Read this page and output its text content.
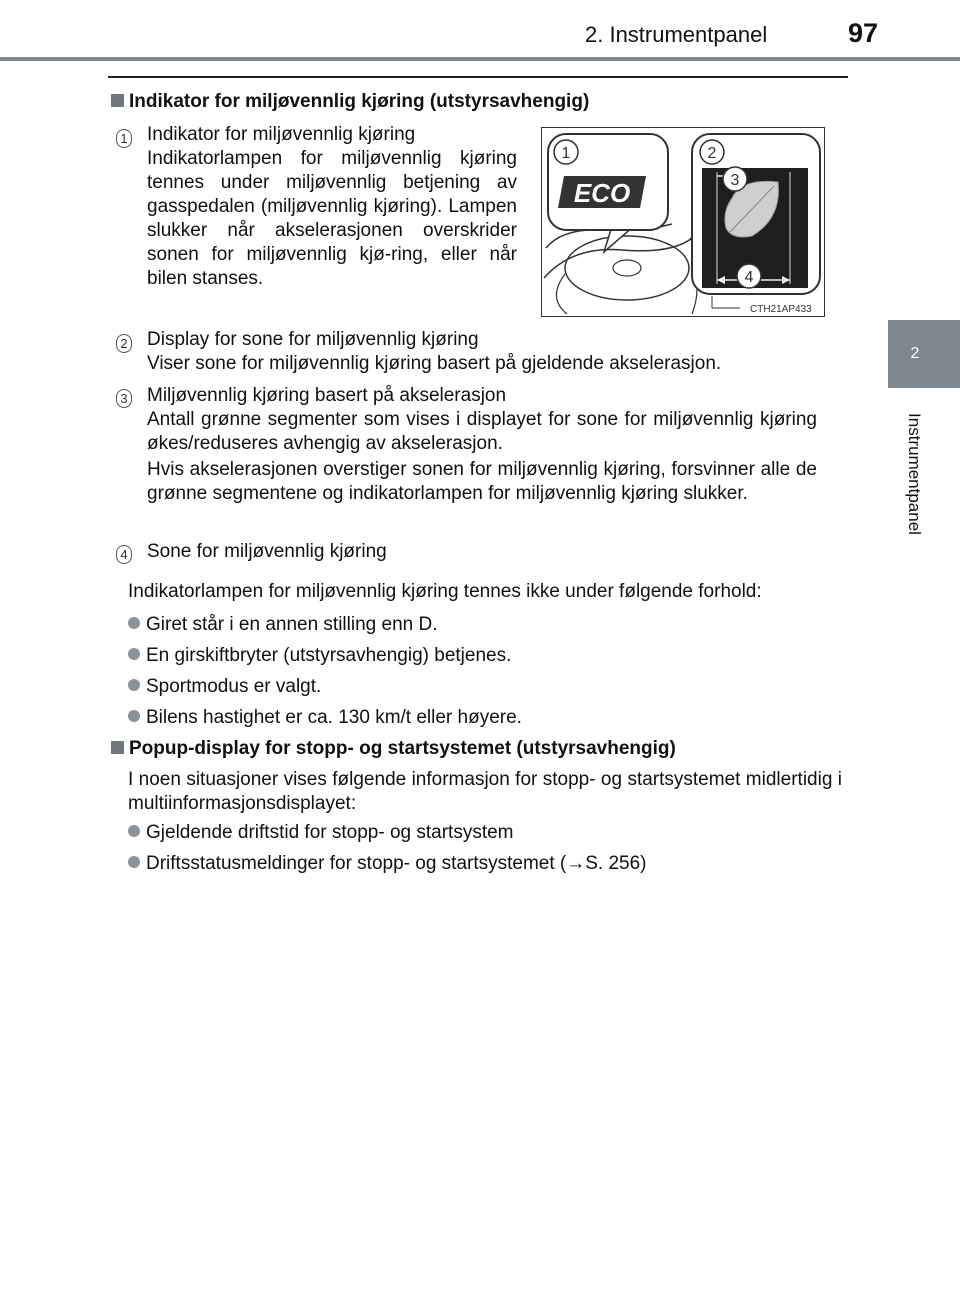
2. Instrumentpanel	97
2
Instrumentpanel
Indikator for miljøvennlig kjøring (utstyrsavhengig)
1 Indikator for miljøvennlig kjøring
Indikatorlampen for miljøvennlig kjøring tennes under miljøvennlig betjening av gasspedalen (miljøvennlig kjøring). Lampen slukker når akselerasjonen overskrider sonen for miljøvennlig kjø-ring, eller når bilen stanses.
ECO
1	2
3
4
CTH21AP433
2 Display for sone for miljøvennlig kjøring
Viser sone for miljøvennlig kjøring basert på gjeldende akselerasjon.
3 Miljøvennlig kjøring basert på akselerasjon
Antall grønne segmenter som vises i displayet for sone for miljøvennlig kjøring økes/reduseres avhengig av akselerasjon.
Hvis akselerasjonen overstiger sonen for miljøvennlig kjøring, forsvinner alle de grønne segmentene og indikatorlampen for miljøvennlig kjøring slukker.
4 Sone for miljøvennlig kjøring
Indikatorlampen for miljøvennlig kjøring tennes ikke under følgende forhold:
Giret står i en annen stilling enn D.
En girskiftbryter (utstyrsavhengig) betjenes.
Sportmodus er valgt.
Bilens hastighet er ca. 130 km/t eller høyere.
Popup-display for stopp- og startsystemet (utstyrsavhengig)
I noen situasjoner vises følgende informasjon for stopp- og startsystemet midlertidig i multiinformasjonsdisplayet:
Gjeldende driftstid for stopp- og startsystem
Driftsstatusmeldinger for stopp- og startsystemet (→S. 256)
